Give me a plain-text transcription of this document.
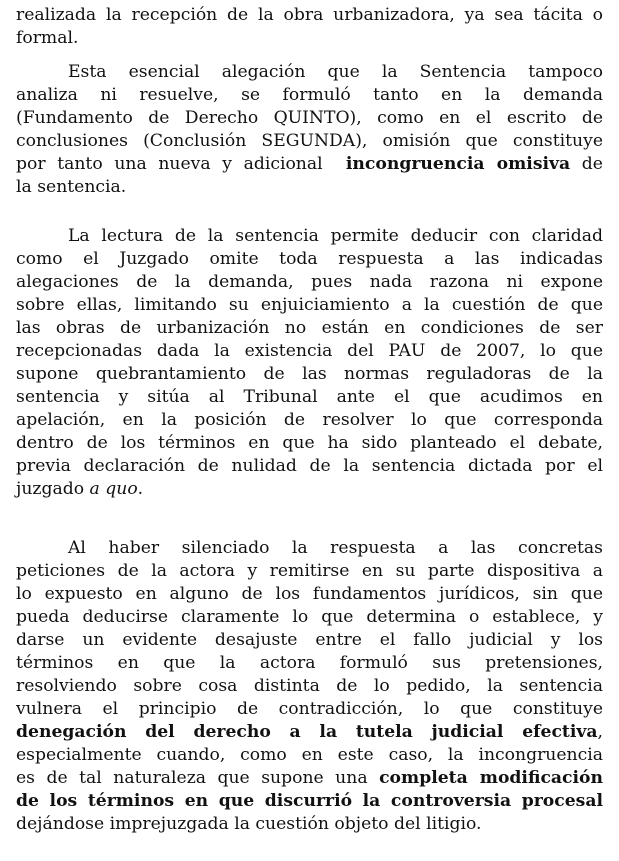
realizada la recepción de la obra urbanizadora, ya sea tácita o
formal.
Esta esencial alegación que la Sentencia tampoco
analiza ni resuelve, se formuló tanto en la demanda
(Fundamento de Derecho QUINTO), como en el escrito de
conclusiones (Conclusión SEGUNDA), omisión que constituye
por tanto una nueva y adicional incongruencia omisiva de
la sentencia.
La lectura de la sentencia permite deducir con claridad
como el Juzgado omite toda respuesta a las indicadas
alegaciones de la demanda, pues nada razona ni expone
sobre ellas, limitando su enjuiciamiento a la cuestión de que
las obras de urbanización no están en condiciones de ser
recepcionadas dada la existencia del PAU de 2007, lo que
supone quebrantamiento de las normas reguladoras de la
sentencia y sitúa al Tribunal ante el que acudimos en
apelación, en la posición de resolver lo que corresponda
dentro de los términos en que ha sido planteado el debate,
previa declaración de nulidad de la sentencia dictada por el
juzgado a quo.
Al haber silenciado la respuesta a las concretas
peticiones de la actora y remitirse en su parte dispositiva a
lo expuesto en alguno de los fundamentos jurídicos, sin que
pueda deducirse claramente lo que determina o establece, y
darse un evidente desajuste entre el fallo judicial y los
términos en que la actora formuló sus pretensiones,
resolviendo sobre cosa distinta de lo pedido, la sentencia
vulnera el principio de contradicción, lo que constituye
denegación del derecho a la tutela judicial efectiva,
especialmente cuando, como en este caso, la incongruencia
es de tal naturaleza que supone una completa modificación
de los términos en que discurrió la controversia procesal
dejándose imprejuzgada la cuestión objeto del litigio.
